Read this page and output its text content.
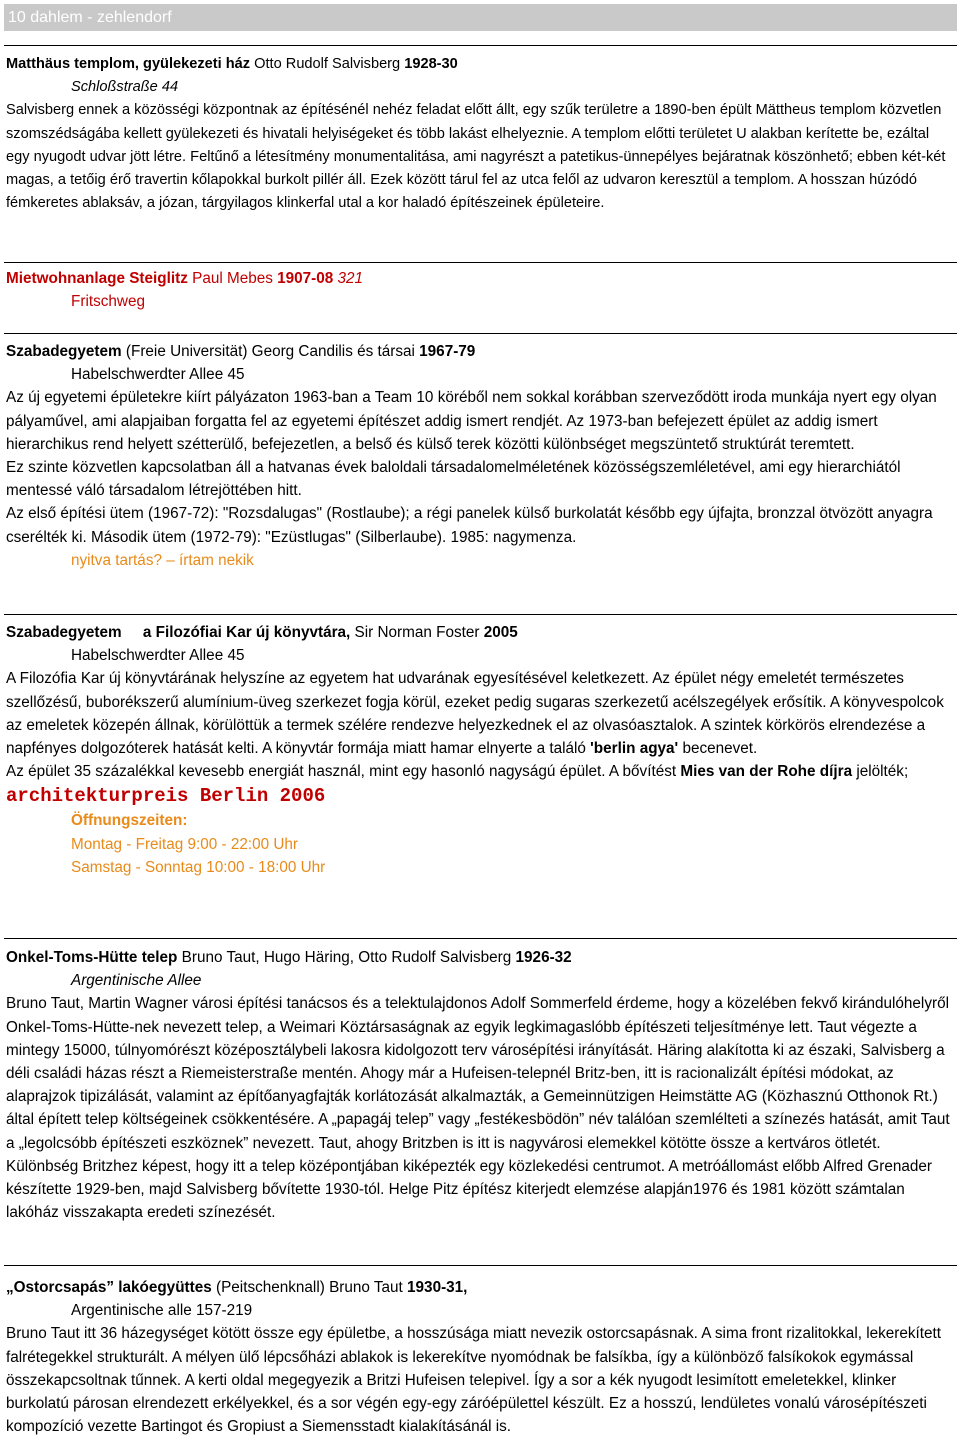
10 dahlem - zehlendorf

Matthäus templom, gyülekezeti ház Otto Rudolf Salvisberg 1928-30

Schloßstraße 44

Salvisberg ennek a közösségi központnak az építésénél nehéz feladat előtt állt, egy szűk területre a 1890-ben épült Mättheus templom közvetlen szomszédságába kellett gyülekezeti és hivatali helyiségeket és több lakást elhelyeznie. A templom előtti területet U alakban kerítette be, ezáltal egy nyugodt udvar jött létre. Feltűnő a létesítmény monumentalitása, ami nagyrészt a patetikus-ünnepélyes bejáratnak köszönhető; ebben két-két magas, a tetőig érő travertin kőlapokkal burkolt pillér áll. Ezek között tárul fel az utca felől az udvaron keresztül a templom. A hosszan húzódó fémkeretes ablaksáv, a józan, tárgyilagos klinkerfal utal a kor haladó építészeinek épületeire.

Mietwohnanlage Steiglitz Paul Mebes 1907-08 321

Fritschweg

Szabadegyetem (Freie Universität) Georg Candilis és társai 1967-79

Habelschwerdter Allee 45

Az új egyetemi épületekre kiírt pályázaton 1963-ban a Team 10 köréből nem sokkal korábban szerveződött iroda munkája nyert egy olyan pályaművel, ami alapjaiban forgatta fel az egyetemi építészet addig ismert rendjét. Az 1973-ban befejezett épület az addig ismert hierarchikus rend helyett szétterülő, befejezetlen, a belső és külső terek közötti különbséget megszüntető struktúrát teremtett.

Ez szinte közvetlen kapcsolatban áll a hatvanas évek baloldali társadalomelméletének közösségszemléletével, ami egy hierarchiától mentessé váló társadalom létrejöttében hitt.

Az első építési ütem (1967-72): "Rozsdalugas" (Rostlaube); a régi panelek külső burkolatát később egy újfajta, bronzzal ötvözött anyagra cserélték ki. Második ütem (1972-79): "Ezüstlugas" (Silberlaube). 1985: nagymenza.

nyitva tartás? – írtam nekik

Szabadegyetem     a Filozófiai Kar új könyvtára, Sir Norman Foster 2005

Habelschwerdter Allee 45

A Filozófia Kar új könyvtárának helyszíne az egyetem hat udvarának egyesítésével keletkezett. Az épület négy emeletét természetes szellőzésű, buborékszerű alumínium-üveg szerkezet fogja körül, ezeket pedig sugaras szerkezetű acélszegélyek erősítik. A könyvespolcok az emeletek közepén állnak, körülöttük a termek szélére rendezve helyezkednek el az olvasóasztalok. A szintek körkörös elrendezése a napfényes dolgozóterek hatását kelti. A könyvtár formája miatt hamar elnyerte a találó 'berlin agya' becenevet.

Az épület 35 százalékkal kevesebb energiát használ, mint egy hasonló nagyságú épület. A bővítést Mies van der Rohe díjra jelölték;

architekturpreis Berlin 2006

Öffnungszeiten:

Montag - Freitag 9:00 - 22:00 Uhr

Samstag - Sonntag 10:00 - 18:00 Uhr

Onkel-Toms-Hütte telep Bruno Taut, Hugo Häring, Otto Rudolf Salvisberg 1926-32

Argentinische Allee

Bruno Taut, Martin Wagner városi építési tanácsos és a telektulajdonos Adolf Sommerfeld érdeme, hogy a közelében fekvő kirándulóhelyről Onkel-Toms-Hütte-nek nevezett telep, a Weimari Köztársaságnak az egyik legkimagaslóbb építészeti teljesítménye lett. Taut végezte a mintegy 15000, túlnyomórészt középosztálybeli lakosra kidolgozott terv városépítési irányítását. Häring alakította ki az északi, Salvisberg a déli családi házas részt a Riemeisterstraße mentén. Ahogy már a Hufeisen-telepnél Britz-ben, itt is racionalizált építési módokat, az alaprajzok tipizálását, valamint az építőanyagfajták korlátozását alkalmazták, a Gemeinnützigen Heimstätte AG (Közhasznú Otthonok Rt.) által épített telep költségeinek csökkentésére. A „papagáj telep” vagy „festékesbödön” név találóan szemlélteti a színezés hatását, amit Taut a „legolcsóbb építészeti eszköznek” nevezett. Taut, ahogy Britzben is itt is nagyvárosi elemekkel kötötte össze a kertváros ötletét. Különbség Britzhez képest, hogy itt a telep középontjában kiképezték egy közlekedési centrumot. A metróállomást előbb Alfred Grenader készítette 1929-ben, majd Salvisberg bővítette 1930-tól. Helge Pitz építész kiterjedt elemzése alapján1976 és 1981 között számtalan lakóház visszakapta eredeti színezését.

„Ostorcsapás” lakóegyüttes (Peitschenknall) Bruno Taut 1930-31,

Argentinische alle 157-219

Bruno Taut itt 36 házegységet kötött össze egy épületbe, a hosszúsága miatt nevezik ostorcsapásnak. A sima front rizalitokkal, lekerekített falrétegekkel strukturált. A mélyen ülő lépcsőházi ablakok is lekerekítve nyomódnak be falsíkba, így a különböző falsíkokok egymással összekapcsoltnak tűnnek. A kerti oldal megegyezik a Britzi Hufeisen telepivel. Így a sor a kék nyugodt lesimított emeletekkel, klinker burkolatú párosan elrendezett erkélyekkel, és a sor végén egy-egy záróépülettel készült. Ez a hosszú, lendületes vonalú városépítészeti kompozíció vezette Bartingot és Gropiust a Siemensstadt kialakításánál is.
